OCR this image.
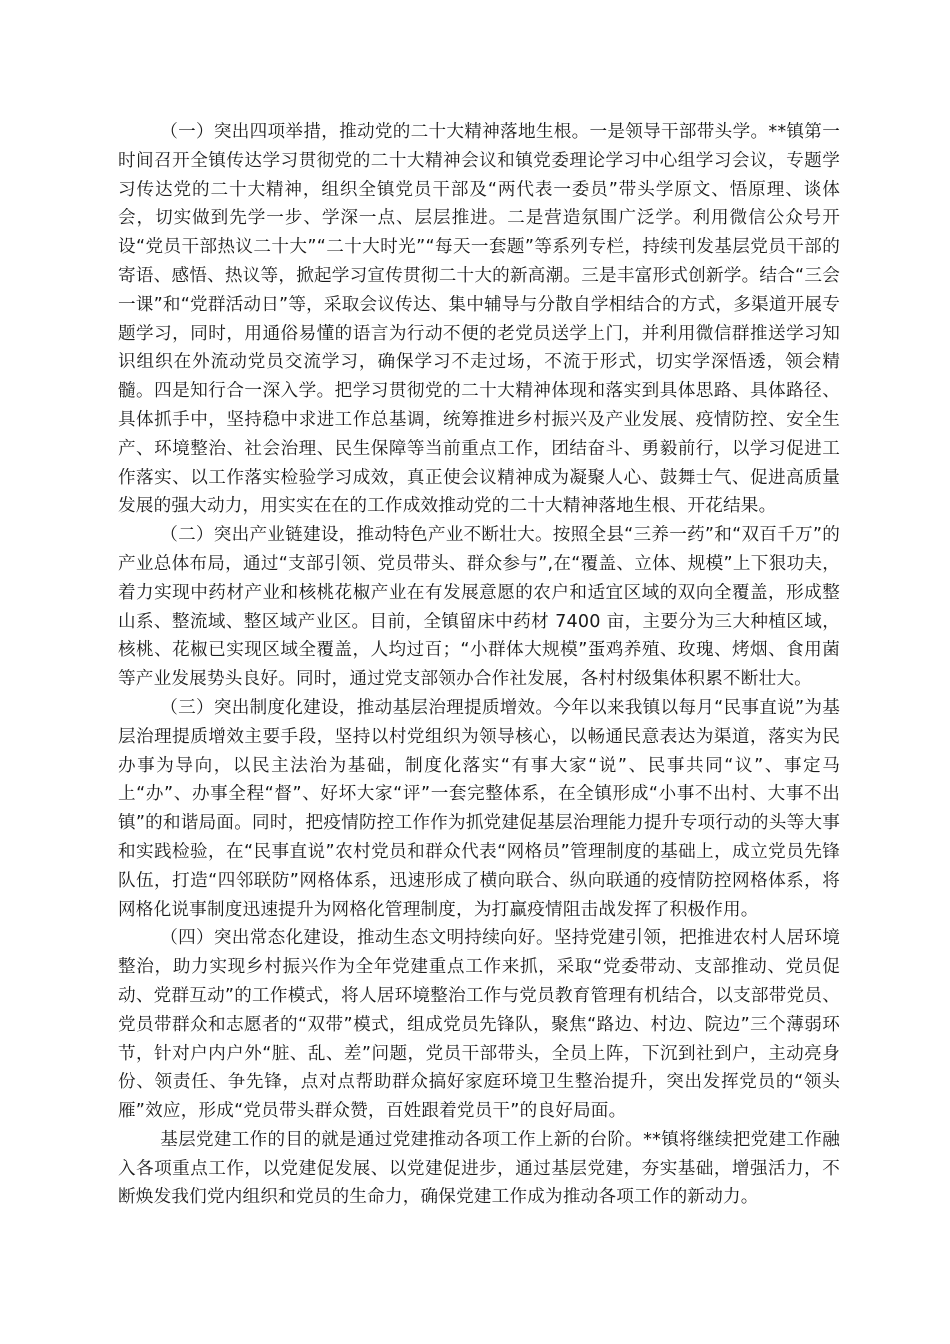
（一）突出四项举措，推动党的二十大精神落地生根。一是领导干部带头学。**镇第一时间召开全镇传达学习贯彻党的二十大精神会议和镇党委理论学习中心组学习会议，专题学习传达党的二十大精神，组织全镇党员干部及“两代表一委员”带头学原文、悟原理、谈体会，切实做到先学一步、学深一点、层层推进。二是营造氛围广泛学。利用微信公众号开设“党员干部热议二十大”“二十大时光”“每天一套题”等系列专栏，持续刊发基层党员干部的寄语、感悟、热议等，掀起学习宣传贯彻二十大的新高潮。三是丰富形式创新学。结合“三会一课”和“党群活动日”等，采取会议传达、集中辅导与分散自学相结合的方式，多渠道开展专题学习，同时，用通俗易懂的语言为行动不便的老党员送学上门，并利用微信群推送学习知识组织在外流动党员交流学习，确保学习不走过场，不流于形式，切实学深悟透，领会精髓。四是知行合一深入学。把学习贯彻党的二十大精神体现和落实到具体思路、具体路径、具体抓手中，坚持稳中求进工作总基调，统筹推进乡村振兴及产业发展、疫情防控、安全生产、环境整治、社会治理、民生保障等当前重点工作，团结奋斗、勇毅前行，以学习促进工作落实、以工作落实检验学习成效，真正使会议精神成为凝聚人心、鼓舞士气、促进高质量发展的强大动力，用实实在在的工作成效推动党的二十大精神落地生根、开花结果。

（二）突出产业链建设，推动特色产业不断壮大。按照全县“三养一药”和“双百千万”的产业总体布局，通过“支部引领、党员带头、群众参与”,在“覆盖、立体、规模”上下狠功夫，着力实现中药材产业和核桃花椒产业在有发展意愿的农户和适宜区域的双向全覆盖，形成整山系、整流域、整区域产业区。目前，全镇留床中药材 7400 亩，主要分为三大种植区域，核桃、花椒已实现区域全覆盖，人均过百；“小群体大规模”蛋鸡养殖、玫瑰、烤烟、食用菌等产业发展势头良好。同时，通过党支部领办合作社发展，各村村级集体积累不断壮大。

（三）突出制度化建设，推动基层治理提质增效。今年以来我镇以每月“民事直说”为基层治理提质增效主要手段，坚持以村党组织为领导核心，以畅通民意表达为渠道，落实为民办事为导向，以民主法治为基础，制度化落实“有事大家“说”、民事共同“议”、事定马上“办”、办事全程“督”、好坏大家“评”一套完整体系，在全镇形成“小事不出村、大事不出镇”的和谐局面。同时，把疫情防控工作作为抓党建促基层治理能力提升专项行动的头等大事和实践检验，在“民事直说”农村党员和群众代表“网格员”管理制度的基础上，成立党员先锋队伍，打造“四邻联防”网格体系，迅速形成了横向联合、纵向联通的疫情防控网格体系，将网格化说事制度迅速提升为网格化管理制度，为打赢疫情阻击战发挥了积极作用。

（四）突出常态化建设，推动生态文明持续向好。坚持党建引领，把推进农村人居环境整治，助力实现乡村振兴作为全年党建重点工作来抓，采取“党委带动、支部推动、党员促动、党群互动”的工作模式，将人居环境整治工作与党员教育管理有机结合，以支部带党员、党员带群众和志愿者的“双带”模式，组成党员先锋队，聚焦“路边、村边、院边”三个薄弱环节，针对户内户外“脏、乱、差”问题，党员干部带头，全员上阵，下沉到社到户，主动亮身份、领责任、争先锋，点对点帮助群众搞好家庭环境卫生整治提升，突出发挥党员的“领头雁”效应，形成“党员带头群众赞，百姓跟着党员干”的良好局面。

基层党建工作的目的就是通过党建推动各项工作上新的台阶。**镇将继续把党建工作融入各项重点工作，以党建促发展、以党建促进步，通过基层党建，夯实基础，增强活力，不断焕发我们党内组织和党员的生命力，确保党建工作成为推动各项工作的新动力。
